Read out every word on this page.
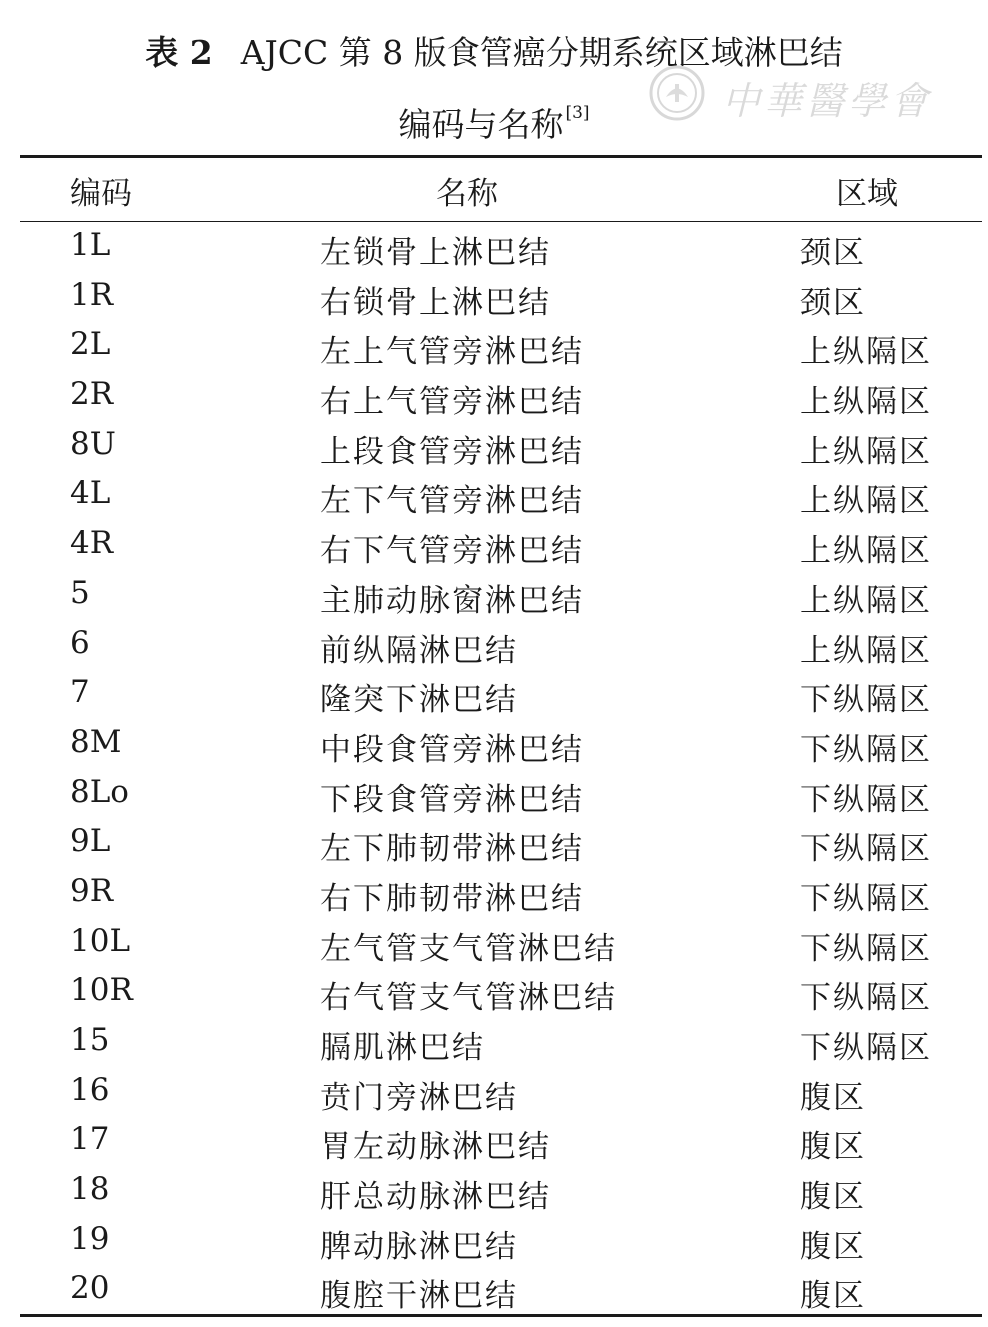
表 2 AJCC 第 8 版食管癌分期系统区域淋巴结
编码与名称 [3]	中華醫學會
编码	名称	区域
1L	左锁骨上淋巴结	颈区
1R	右锁骨上淋巴结	颈区
2L	左上气管旁淋巴结	上纵隔区
2R	右上气管旁淋巴结	上纵隔区
8U	上段食管旁淋巴结	上纵隔区
4L	左下气管旁淋巴结	上纵隔区
4R	右下气管旁淋巴结	上纵隔区
5	主肺动脉窗淋巴结	上纵隔区
6	前纵隔淋巴结	上纵隔区
7	隆突下淋巴结	下纵隔区
8M	中段食管旁淋巴结	下纵隔区
8Lo	下段食管旁淋巴结	下纵隔区
9L	左下肺韧带淋巴结	下纵隔区
9R	右下肺韧带淋巴结	下纵隔区
10L	左气管支气管淋巴结	下纵隔区
10R	右气管支气管淋巴结	下纵隔区
15	膈肌淋巴结	下纵隔区
16	贲门旁淋巴结	腹区
17	胃左动脉淋巴结	腹区
18	肝总动脉淋巴结	腹区
19	脾动脉淋巴结	腹区
20	腹腔干淋巴结	腹区
